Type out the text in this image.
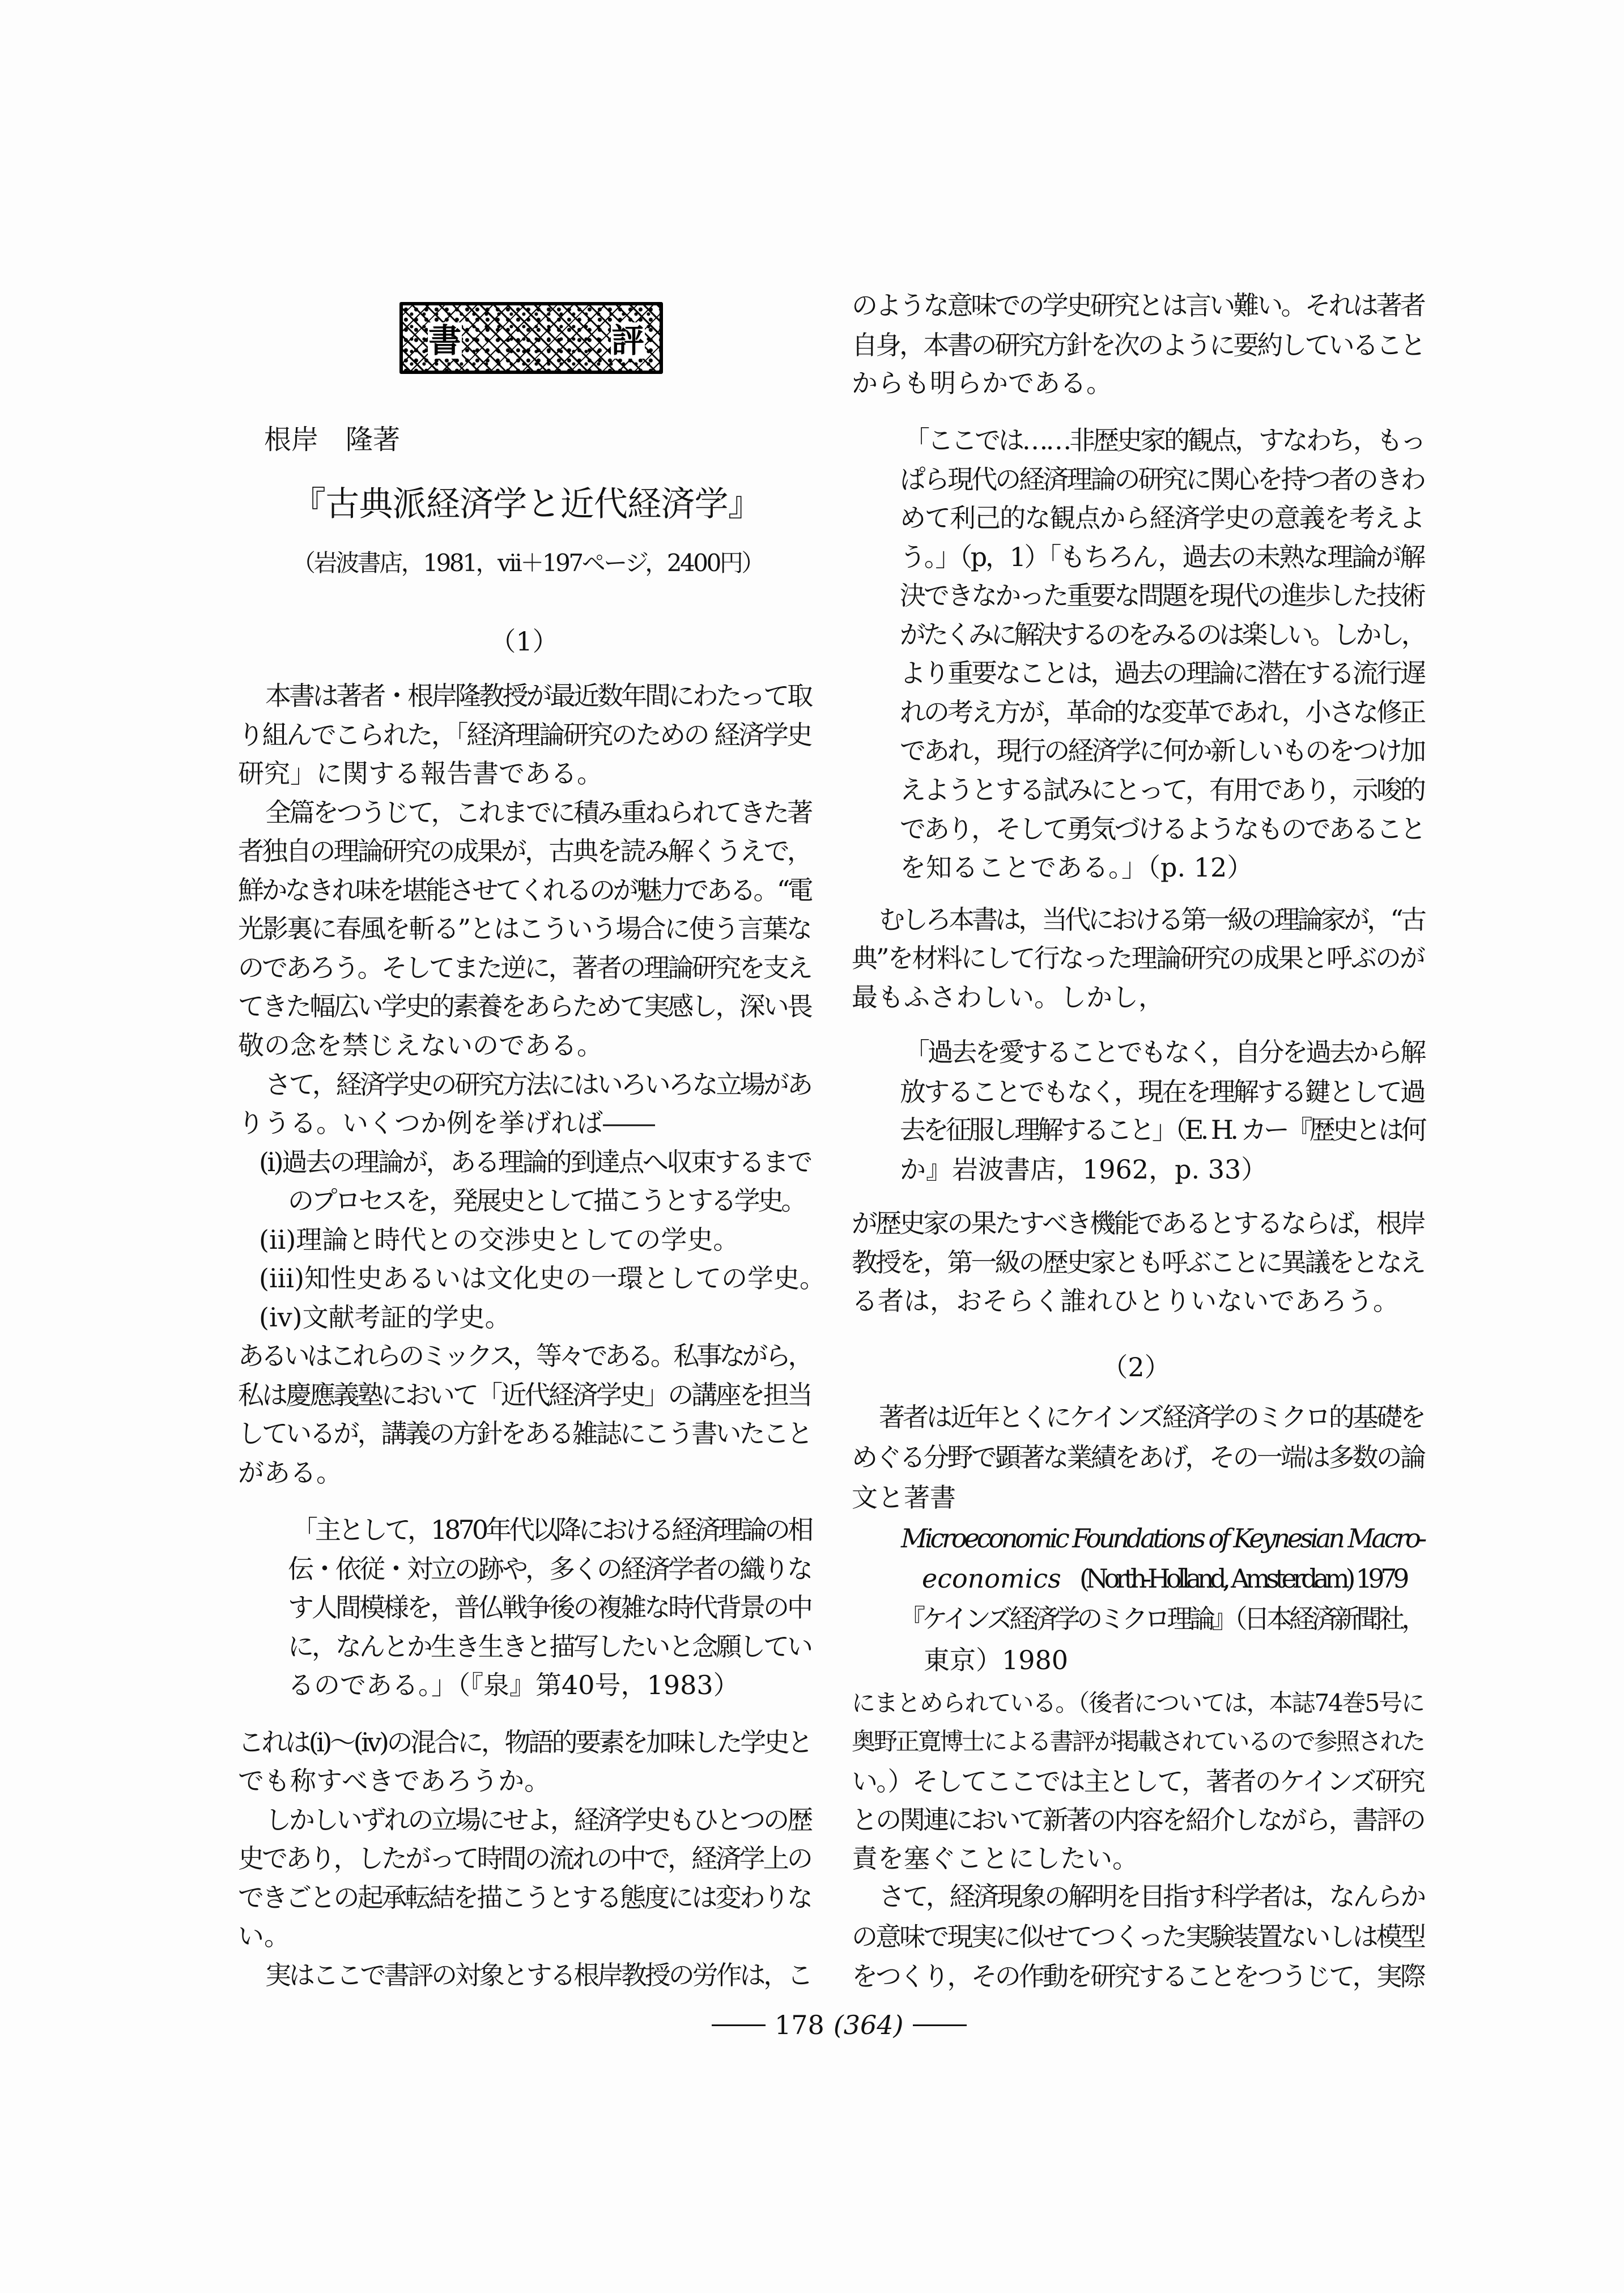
書	評
根岸　隆著
『古典派経済学と近代経済学』
（岩波書店，1981，vii＋197ページ，2400円）
（1）
（2）
本書は著者・根岸隆教授が最近数年間にわたって取
り組んでこられた，「経済理論研究のための 経済学史
研究」に関する報告書である。
全篇をつうじて，これまでに積み重ねられてきた著
者独自の理論研究の成果が，古典を読み解くうえで，
鮮かなきれ味を堪能させてくれるのが魅力である。“電
光影裏に春風を斬る”とはこういう場合に使う言葉な
のであろう。そしてまた逆に，著者の理論研究を支え
てきた幅広い学史的素養をあらためて実感し，深い畏
敬の念を禁じえないのである。
さて，経済学史の研究方法にはいろいろな立場があ
りうる。いくつか例を挙げれば――
(i)過去の理論が，ある理論的到達点へ収束するまで
のプロセスを，発展史として描こうとする学史。
(ii)理論と時代との交渉史としての学史。
(iii)知性史あるいは文化史の一環としての学史。
(iv)文献考証的学史。
あるいはこれらのミックス，等々である。私事ながら，
私は慶應義塾において「近代経済学史」の講座を担当
しているが，講義の方針をある雑誌にこう書いたこと
がある。
「主として，1870年代以降における経済理論の相
伝・依従・対立の跡や，多くの経済学者の織りな
す人間模様を，普仏戦争後の複雑な時代背景の中
に，なんとか生き生きと描写したいと念願してい
るのである。」（『泉』第40号，1983）
これは(i)～(iv)の混合に，物語的要素を加味した学史と
でも称すべきであろうか。
しかしいずれの立場にせよ，経済学史もひとつの歴
史であり，したがって時間の流れの中で，経済学上の
できごとの起承転結を描こうとする態度には変わりな
い。
実はここで書評の対象とする根岸教授の労作は，こ
のような意味での学史研究とは言い難い。それは著者
自身，本書の研究方針を次のように要約していること
からも明らかである。
「ここでは……非歴史家的観点，すなわち，もっ
ぱら現代の経済理論の研究に関心を持つ者のきわ
めて利己的な観点から経済学史の意義を考えよ
う。」（p，1）「もちろん，過去の未熟な理論が解
決できなかった重要な問題を現代の進歩した技術
がたくみに解決するのをみるのは楽しい。しかし，
より重要なことは，過去の理論に潜在する流行遅
れの考え方が，革命的な変革であれ，小さな修正
であれ，現行の経済学に何か新しいものをつけ加
えようとする試みにとって，有用であり，示唆的
であり，そして勇気づけるようなものであること
を知ることである。」（p. 12）
むしろ本書は，当代における第一級の理論家が，“古
典”を材料にして行なった理論研究の成果と呼ぶのが
最もふさわしい。しかし，
「過去を愛することでもなく，自分を過去から解
放することでもなく，現在を理解する鍵として過
去を征服し理解すること」（E. H. カー『歴史とは何
か』岩波書店，1962，p. 33）
が歴史家の果たすべき機能であるとするならば，根岸
教授を，第一級の歴史家とも呼ぶことに異議をとなえ
る者は，おそらく誰れひとりいないであろう。
著者は近年とくにケインズ経済学のミクロ的基礎を
めぐる分野で顕著な業績をあげ，その一端は多数の論
文と著書
Microeconomic Foundations of Keynesian Macro-
economics (North-Holland, Amsterdam) 1979
『ケインズ経済学のミクロ理論』（日本経済新聞社，
東京）1980
にまとめられている。（後者については，本誌74巻5号に
奥野正寛博士による書評が掲載されているので参照された
い。）そしてここでは主として，著者のケインズ研究
との関連において新著の内容を紹介しながら，書評の
責を塞ぐことにしたい。
さて，経済現象の解明を目指す科学者は，なんらか
の意味で現実に似せてつくった実験装置ないしは模型
をつくり，その作動を研究することをつうじて，実際
178 (364)
